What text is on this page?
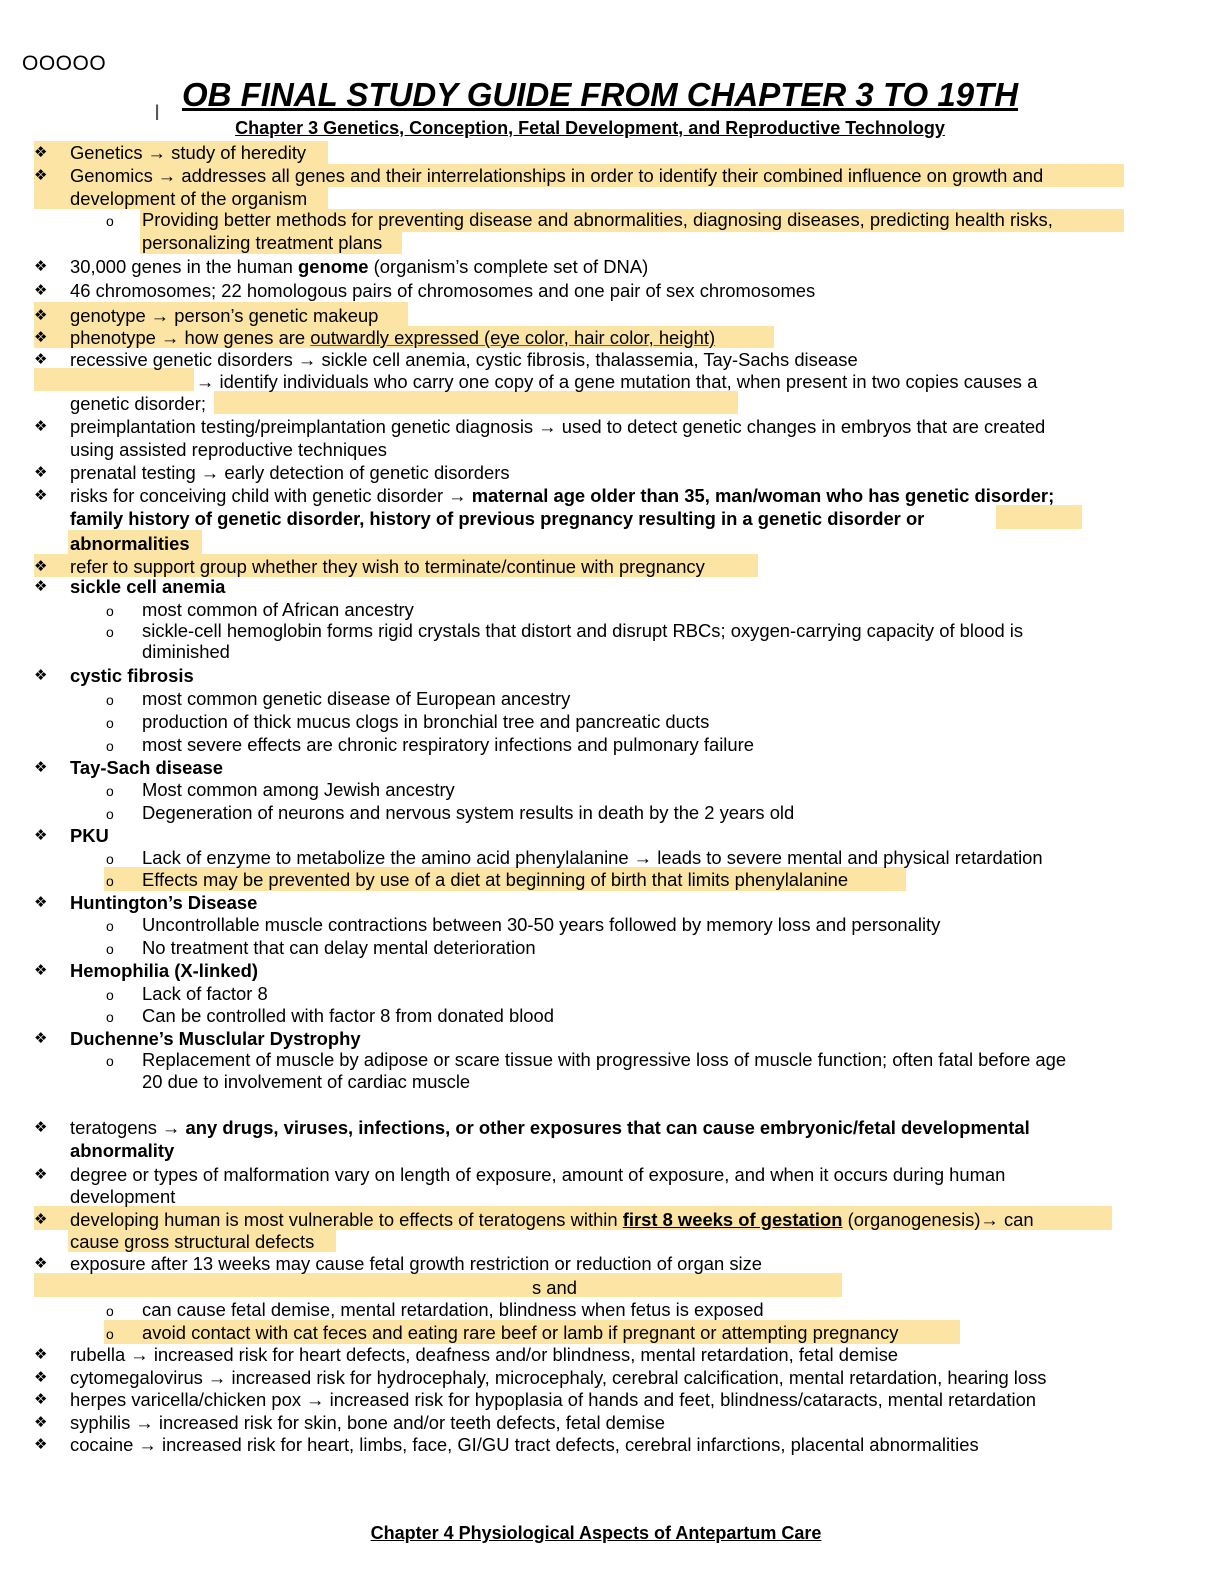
OOOOO
I OB FINAL STUDY GUIDE FROM CHAPTER 3 TO 19TH
Chapter 3 Genetics, Conception, Fetal Development, and Reproductive Technology
❖	Genetics → study of heredity
❖	Genomics → addresses all genes and their interrelationships in order to identify their combined influence on growth and
development of the organism
o Providing better methods for preventing disease and abnormalities, diagnosing diseases, predicting health risks,
personalizing treatment plans
❖	30,000 genes in the human genome (organism’s complete set of DNA)
❖	46 chromosomes; 22 homologous pairs of chromosomes and one pair of sex chromosomes
❖	genotype → person’s genetic makeup
❖	phenotype → how genes are outwardly expressed (eye color, hair color, height)
❖	recessive genetic disorders → sickle cell anemia, cystic fibrosis, thalassemia, Tay-Sachs disease
→ identify individuals who carry one copy of a gene mutation that, when present in two copies causes a
genetic disorder;
❖	preimplantation testing/preimplantation genetic diagnosis → used to detect genetic changes in embryos that are created
using assisted reproductive techniques
❖	prenatal testing → early detection of genetic disorders
❖	risks for conceiving child with genetic disorder → maternal age older than 35, man/woman who has genetic disorder;
family history of genetic disorder, history of previous pregnancy resulting in a genetic disorder or
abnormalities
❖	refer to support group whether they wish to terminate/continue with pregnancy
❖	sickle cell anemia
o most common of African ancestry
o sickle-cell hemoglobin forms rigid crystals that distort and disrupt RBCs; oxygen-carrying capacity of blood is
diminished
❖	cystic fibrosis
o most common genetic disease of European ancestry
o production of thick mucus clogs in bronchial tree and pancreatic ducts
o most severe effects are chronic respiratory infections and pulmonary failure
❖	Tay-Sach disease
o Most common among Jewish ancestry
o Degeneration of neurons and nervous system results in death by the 2 years old
❖	PKU
o Lack of enzyme to metabolize the amino acid phenylalanine → leads to severe mental and physical retardation
o Effects may be prevented by use of a diet at beginning of birth that limits phenylalanine
❖	Huntington’s Disease
o Uncontrollable muscle contractions between 30-50 years followed by memory loss and personality
o No treatment that can delay mental deterioration
❖	Hemophilia (X-linked)
o Lack of factor 8
o Can be controlled with factor 8 from donated blood
❖	Duchenne’s Musclular Dystrophy
o Replacement of muscle by adipose or scare tissue with progressive loss of muscle function; often fatal before age
20 due to involvement of cardiac muscle
❖	teratogens → any drugs, viruses, infections, or other exposures that can cause embryonic/fetal developmental
abnormality
❖	degree or types of malformation vary on length of exposure, amount of exposure, and when it occurs during human
development
❖	developing human is most vulnerable to effects of teratogens within first 8 weeks of gestation (organogenesis)→ can
cause gross structural defects
❖	exposure after 13 weeks may cause fetal growth restriction or reduction of organ size
s and
o can cause fetal demise, mental retardation, blindness when fetus is exposed
o avoid contact with cat feces and eating rare beef or lamb if pregnant or attempting pregnancy
❖	rubella → increased risk for heart defects, deafness and/or blindness, mental retardation, fetal demise
❖	cytomegalovirus → increased risk for hydrocephaly, microcephaly, cerebral calcification, mental retardation, hearing loss
❖	herpes varicella/chicken pox → increased risk for hypoplasia of hands and feet, blindness/cataracts, mental retardation
❖	syphilis → increased risk for skin, bone and/or teeth defects, fetal demise
❖	cocaine → increased risk for heart, limbs, face, GI/GU tract defects, cerebral infarctions, placental abnormalities
Chapter 4 Physiological Aspects of Antepartum Care
